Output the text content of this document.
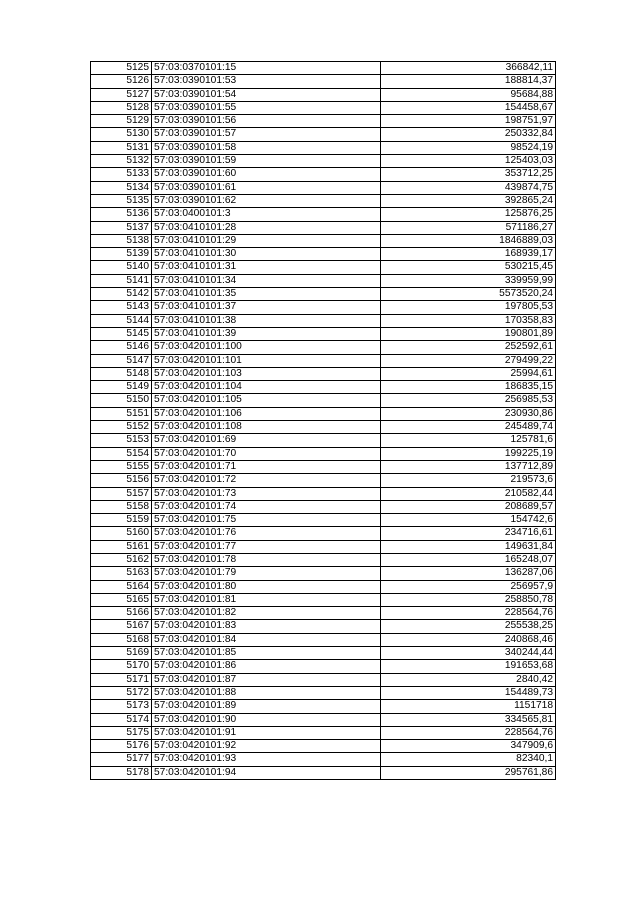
5125	57:03:0370101:15	366842,11
5126	57:03:0390101:53	188814,37
5127	57:03:0390101:54	95684,88
5128	57:03:0390101:55	154458,67
5129	57:03:0390101:56	198751,97
5130	57:03:0390101:57	250332,84
5131	57:03:0390101:58	98524,19
5132	57:03:0390101:59	125403,03
5133	57:03:0390101:60	353712,25
5134	57:03:0390101:61	439874,75
5135	57:03:0390101:62	392865,24
5136	57:03:0400101:3	125876,25
5137	57:03:0410101:28	571186,27
5138	57:03:0410101:29	1846889,03
5139	57:03:0410101:30	168939,17
5140	57:03:0410101:31	530215,45
5141	57:03:0410101:34	339959,99
5142	57:03:0410101:35	5573520,24
5143	57:03:0410101:37	197805,53
5144	57:03:0410101:38	170358,83
5145	57:03:0410101:39	190801,89
5146	57:03:0420101:100	252592,61
5147	57:03:0420101:101	279499,22
5148	57:03:0420101:103	25994,61
5149	57:03:0420101:104	186835,15
5150	57:03:0420101:105	256985,53
5151	57:03:0420101:106	230930,86
5152	57:03:0420101:108	245489,74
5153	57:03:0420101:69	125781,6
5154	57:03:0420101:70	199225,19
5155	57:03:0420101:71	137712,89
5156	57:03:0420101:72	219573,6
5157	57:03:0420101:73	210582,44
5158	57:03:0420101:74	208689,57
5159	57:03:0420101:75	154742,6
5160	57:03:0420101:76	234716,61
5161	57:03:0420101:77	149631,84
5162	57:03:0420101:78	165248,07
5163	57:03:0420101:79	136287,06
5164	57:03:0420101:80	256957,9
5165	57:03:0420101:81	258850,78
5166	57:03:0420101:82	228564,76
5167	57:03:0420101:83	255538,25
5168	57:03:0420101:84	240868,46
5169	57:03:0420101:85	340244,44
5170	57:03:0420101:86	191653,68
5171	57:03:0420101:87	2840,42
5172	57:03:0420101:88	154489,73
5173	57:03:0420101:89	1151718
5174	57:03:0420101:90	334565,81
5175	57:03:0420101:91	228564,76
5176	57:03:0420101:92	347909,6
5177	57:03:0420101:93	82340,1
5178	57:03:0420101:94	295761,86
